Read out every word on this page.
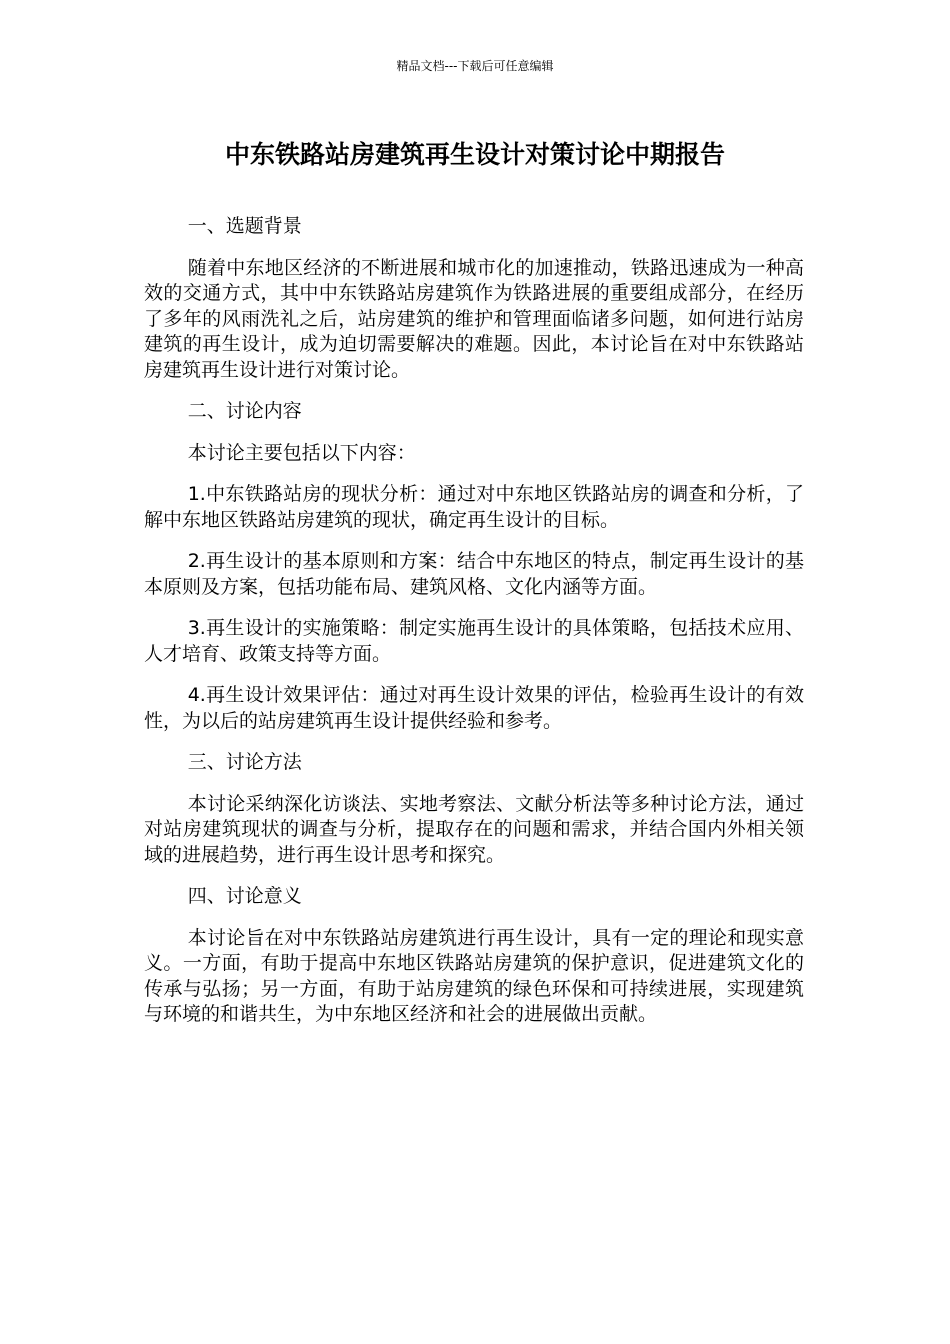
精品文档---下载后可任意编辑
中东铁路站房建筑再生设计对策讨论中期报告

一、选题背景

随着中东地区经济的不断进展和城市化的加速推动，铁路迅速成为一种高效的交通方式，其中中东铁路站房建筑作为铁路进展的重要组成部分，在经历了多年的风雨洗礼之后，站房建筑的维护和管理面临诸多问题，如何进行站房建筑的再生设计，成为迫切需要解决的难题。因此，本讨论旨在对中东铁路站房建筑再生设计进行对策讨论。

二、讨论内容

本讨论主要包括以下内容：

1.中东铁路站房的现状分析：通过对中东地区铁路站房的调查和分析，了解中东地区铁路站房建筑的现状，确定再生设计的目标。

2.再生设计的基本原则和方案：结合中东地区的特点，制定再生设计的基本原则及方案，包括功能布局、建筑风格、文化内涵等方面。

3.再生设计的实施策略：制定实施再生设计的具体策略，包括技术应用、人才培育、政策支持等方面。

4.再生设计效果评估：通过对再生设计效果的评估，检验再生设计的有效性，为以后的站房建筑再生设计提供经验和参考。

三、讨论方法

本讨论采纳深化访谈法、实地考察法、文献分析法等多种讨论方法，通过对站房建筑现状的调查与分析，提取存在的问题和需求，并结合国内外相关领域的进展趋势，进行再生设计思考和探究。

四、讨论意义

本讨论旨在对中东铁路站房建筑进行再生设计，具有一定的理论和现实意义。一方面，有助于提高中东地区铁路站房建筑的保护意识，促进建筑文化的传承与弘扬；另一方面，有助于站房建筑的绿色环保和可持续进展，实现建筑与环境的和谐共生，为中东地区经济和社会的进展做出贡献。
